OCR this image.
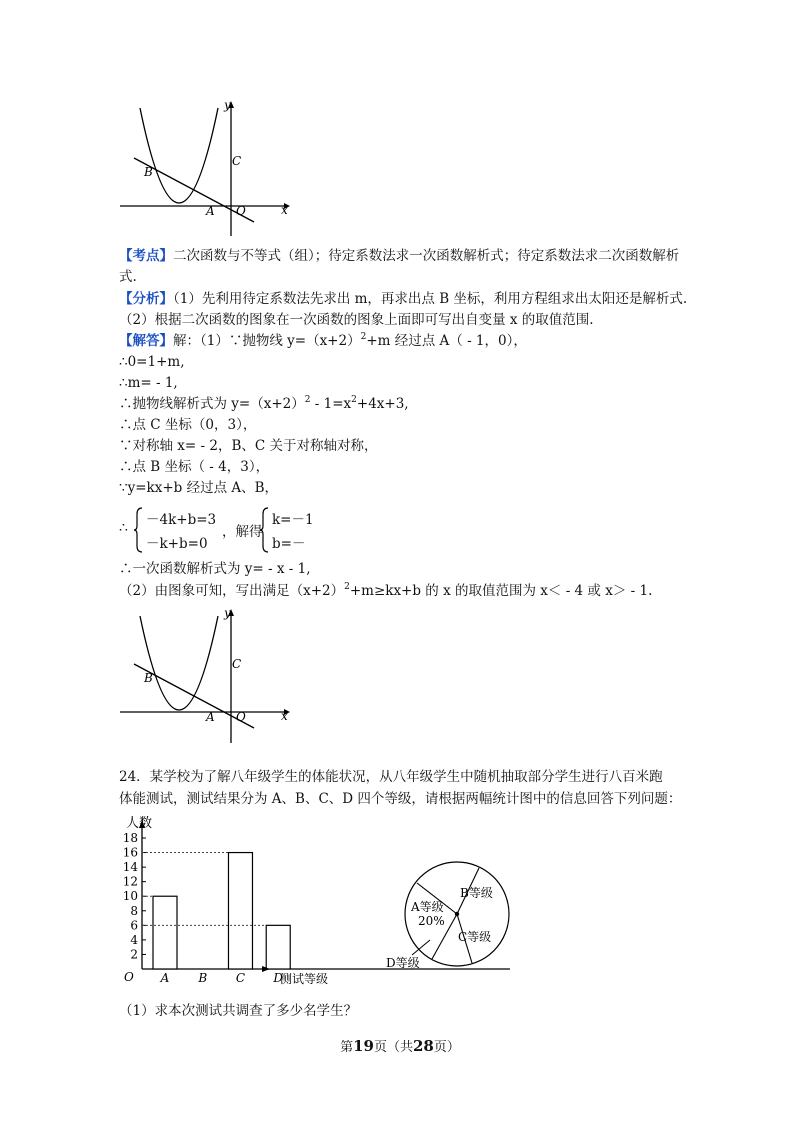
y
x
B
C
A O
【考点】二次函数与不等式（组）；待定系数法求一次函数解析式；待定系数法求二次函数解析
式.
【分析】（1）先利用待定系数法先求出 m，再求出点 B 坐标，利用方程组求出太阳还是解析式.
（2）根据二次函数的图象在一次函数的图象上面即可写出自变量 x 的取值范围.
【解答】解：（1）∵抛物线 $y=(x+2)^2+m$ 经过点 A（ - 1，0），
∴0=1+m,
∴m= - 1,
∴抛物线解析式为 $y=(x+2)^2 - 1=x^2+4x+3$,
∴点 C 坐标（0，3），
∵对称轴 x= - 2，B、C 关于对称轴对称，
∴点 B 坐标（ - 4，3），
∵y=kx+b 经过点 A、B，
∴ －4k+b=3
－k+b=0
，解得
k=－1
b=－
∴一次函数解析式为 y= - x - 1,
（2）由图象可知，写出满足$(x+2)^2+m\ge kx+b$ 的 x 的取值范围为 x＜ - 4 或 x＞ - 1.
y
x
B
C
A O
24．某学校为了解八年级学生的体能状况，从八年级学生中随机抽取部分学生进行八百米跑
体能测试，测试结果分为 A、B、C、D 四个等级，请根据两幅统计图中的信息回答下列问题：
人数
O
2
4
6
8
10
12
14
16
18
A B C D
测试等级
B等级
A等级
20%
C等级
D等级
（1）求本次测试共调查了多少名学生？
第19页（共28页）
